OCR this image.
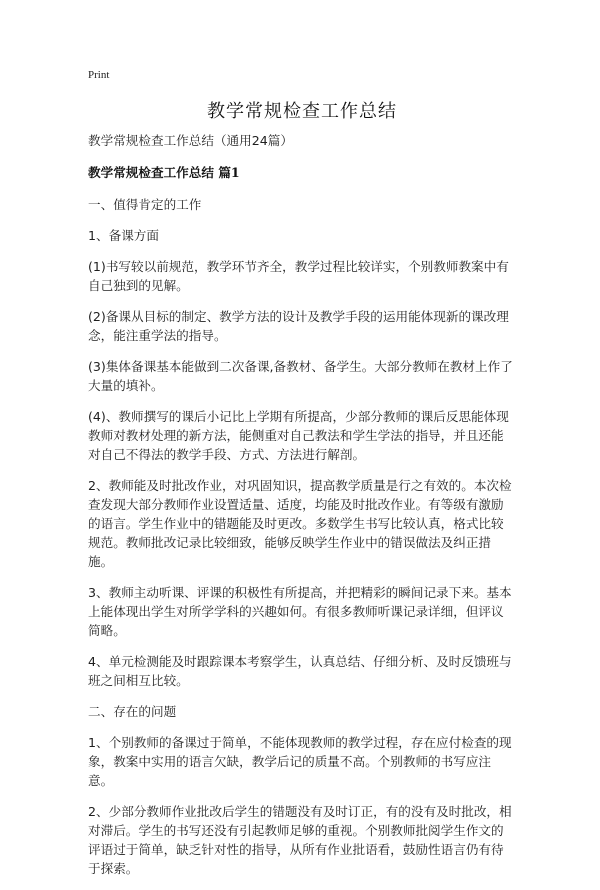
Print
教学常规检查工作总结

教学常规检查工作总结（通用24篇）

教学常规检查工作总结 篇1

一、值得肯定的工作

1、备课方面

(1)书写较以前规范，教学环节齐全，教学过程比较详实，个别教师教案中有自己独到的见解。

(2)备课从目标的制定、教学方法的设计及教学手段的运用能体现新的课改理念，能注重学法的指导。

(3)集体备课基本能做到二次备课,备教材、备学生。大部分教师在教材上作了大量的填补。

(4)、教师撰写的课后小记比上学期有所提高，少部分教师的课后反思能体现教师对教材处理的新方法，能侧重对自己教法和学生学法的指导，并且还能对自己不得法的教学手段、方式、方法进行解剖。

2、教师能及时批改作业，对巩固知识，提高教学质量是行之有效的。本次检查发现大部分教师作业设置适量、适度，均能及时批改作业。有等级有激励的语言。学生作业中的错题能及时更改。多数学生书写比较认真，格式比较规范。教师批改记录比较细致，能够反映学生作业中的错误做法及纠正措施。

3、教师主动听课、评课的积极性有所提高，并把精彩的瞬间记录下来。基本上能体现出学生对所学学科的兴趣如何。有很多教师听课记录详细，但评议简略。

4、单元检测能及时跟踪课本考察学生，认真总结、仔细分析、及时反馈班与班之间相互比较。

二、存在的问题

1、个别教师的备课过于简单，不能体现教师的教学过程，存在应付检查的现象，教案中实用的语言欠缺，教学后记的质量不高。个别教师的书写应注意。

2、少部分教师作业批改后学生的错题没有及时订正，有的没有及时批改，相对滞后。学生的书写还没有引起教师足够的重视。个别教师批阅学生作文的评语过于简单，缺乏针对性的指导，从所有作业批语看，鼓励性语言仍有待于探索。
